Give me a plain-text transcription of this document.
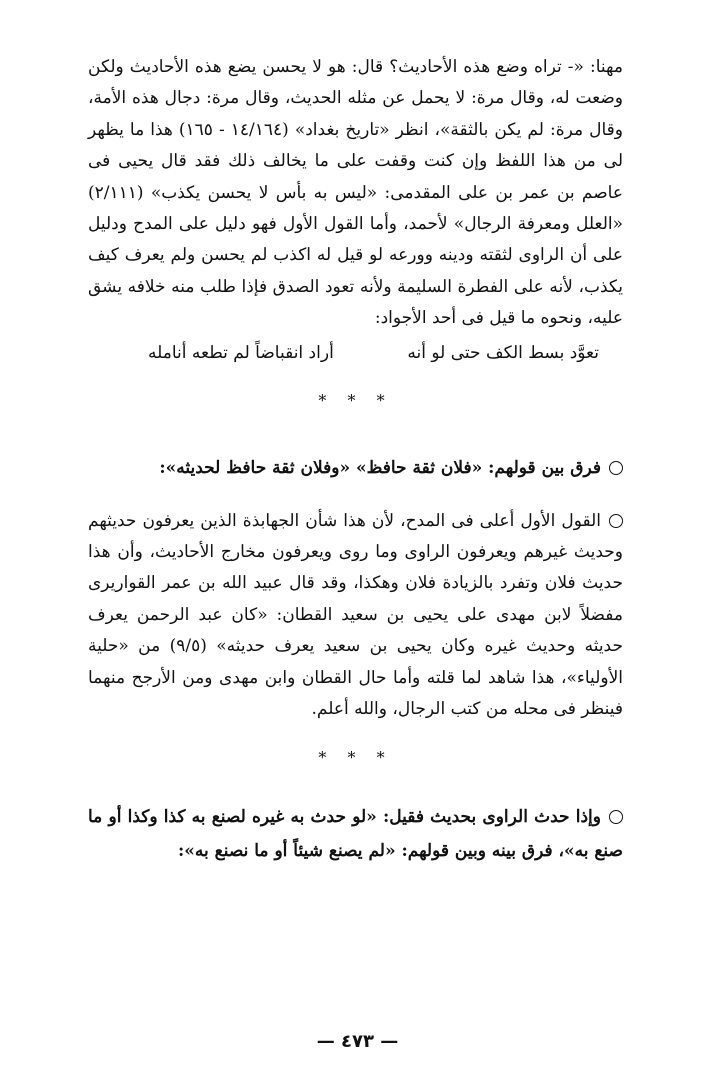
مهنا: «- تراه وضع هذه الأحاديث؟ قال: هو لا يحسن يضع هذه الأحاديث ولكن وضعت له، وقال مرة: لا يحمل عن مثله الحديث، وقال مرة: دجال هذه الأمة، وقال مرة: لم يكن بالثقة»، انظر «تاريخ بغداد» (١٤/١٦٤ - ١٦٥) هذا ما يظهر لى من هذا اللفظ وإن كنت وقفت على ما يخالف ذلك فقد قال يحيى فى عاصم بن عمر بن على المقدمى: «ليس به بأس لا يحسن يكذب» (٢/١١١) «العلل ومعرفة الرجال» لأحمد، وأما القول الأول فهو دليل على المدح ودليل على أن الراوى لثقته ودينه وورعه لو قيل له اكذب لم يحسن ولم يعرف كيف يكذب، لأنه على الفطرة السليمة ولأنه تعود الصدق فإذا طلب منه خلافه يشق عليه، ونحوه ما قيل فى أحد الأجواد:

تعوَّد بسط الكف حتى لو أنه
أراد انقباضاً لم تطعه أنامله
* * *

فرق بين قولهم: «فلان ثقة حافظ» «وفلان ثقة حافظ لحديثه»:

القول الأول أعلى فى المدح، لأن هذا شأن الجهابذة الذين يعرفون حديثهم وحديث غيرهم ويعرفون الراوى وما روى ويعرفون مخارج الأحاديث، وأن هذا حديث فلان وتفرد بالزيادة فلان وهكذا، وقد قال عبيد الله بن عمر القواريرى مفضلاً لابن مهدى على يحيى بن سعيد القطان: «كان عبد الرحمن يعرف حديثه وحديث غيره وكان يحيى بن سعيد يعرف حديثه» (٩/٥) من «حلية الأولياء»، هذا شاهد لما قلته وأما حال القطان وابن مهدى ومن الأرجح منهما فينظر فى محله من كتب الرجال، والله أعلم.

* * *

وإذا حدث الراوى بحديث فقيل: «لو حدث به غيره لصنع به كذا وكذا أو ما صنع به»، فرق بينه وبين قولهم: «لم يصنع شيئاً أو ما نصنع به»:

— ٤٧٣ —
